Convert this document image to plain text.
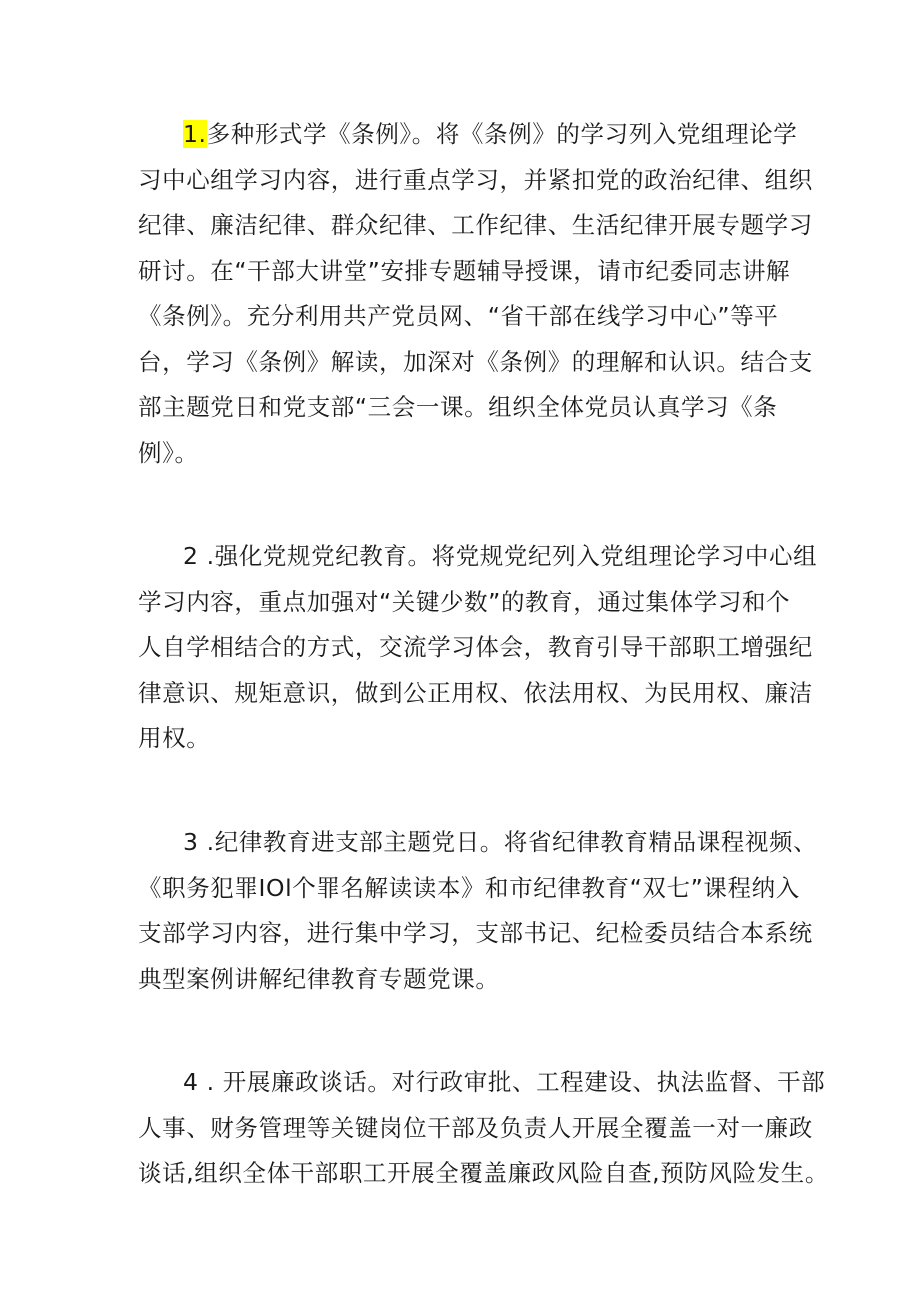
1.多种形式学《条例》。将《条例》的学习列入党组理论学
习中心组学习内容，进行重点学习，并紧扣党的政治纪律、组织
纪律、廉洁纪律、群众纪律、工作纪律、生活纪律开展专题学习
研讨。在“干部大讲堂”安排专题辅导授课，请市纪委同志讲解
《条例》。充分利用共产党员网、“省干部在线学习中心”等平
台，学习《条例》解读，加深对《条例》的理解和认识。结合支
部主题党日和党支部“三会一课。组织全体党员认真学习《条
例》。
2 .强化党规党纪教育。将党规党纪列入党组理论学习中心组
学习内容，重点加强对“关键少数”的教育，通过集体学习和个
人自学相结合的方式，交流学习体会，教育引导干部职工增强纪
律意识、规矩意识，做到公正用权、依法用权、为民用权、廉洁
用权。
3 .纪律教育进支部主题党日。将省纪律教育精品课程视频、
《职务犯罪IOl个罪名解读读本》和市纪律教育“双七”课程纳入
支部学习内容，进行集中学习，支部书记、纪检委员结合本系统
典型案例讲解纪律教育专题党课。
4 . 开展廉政谈话。对行政审批、工程建设、执法监督、干部
人事、财务管理等关键岗位干部及负责人开展全覆盖一对一廉政
谈话,组织全体干部职工开展全覆盖廉政风险自查,预防风险发生。
